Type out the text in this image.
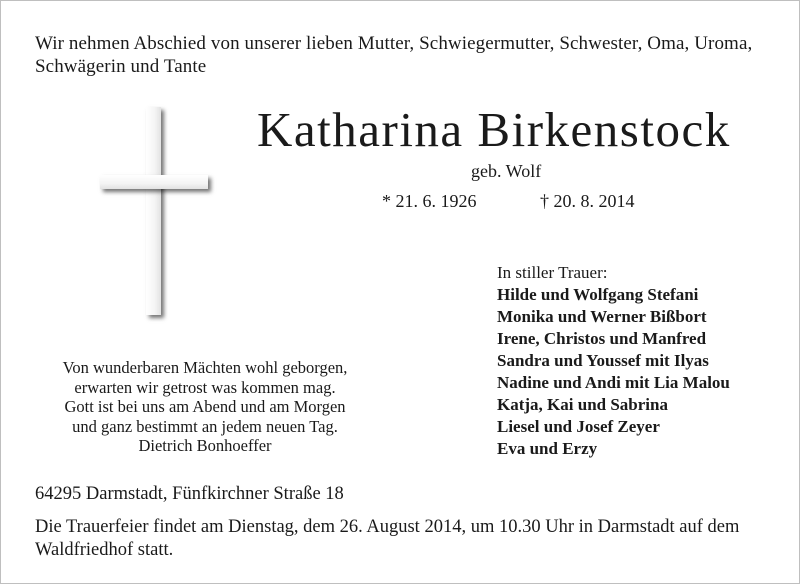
Wir nehmen Abschied von unserer lieben Mutter, Schwiegermutter, Schwester, Oma, Uroma, Schwägerin und Tante
Katharina Birkenstock
geb. Wolf
* 21. 6. 1926	† 20. 8. 2014
Von wunderbaren Mächten wohl geborgen,
erwarten wir getrost was kommen mag.
Gott ist bei uns am Abend und am Morgen
und ganz bestimmt an jedem neuen Tag.
Dietrich Bonhoeffer
In stiller Trauer:
Hilde und Wolfgang Stefani
Monika und Werner Bißbort
Irene, Christos und Manfred
Sandra und Youssef mit Ilyas
Nadine und Andi mit Lia Malou
Katja, Kai und Sabrina
Liesel und Josef Zeyer
Eva und Erzy
64295 Darmstadt, Fünfkirchner Straße 18
Die Trauerfeier findet am Dienstag, dem 26. August 2014, um 10.30 Uhr in Darmstadt auf dem Waldfriedhof statt.
